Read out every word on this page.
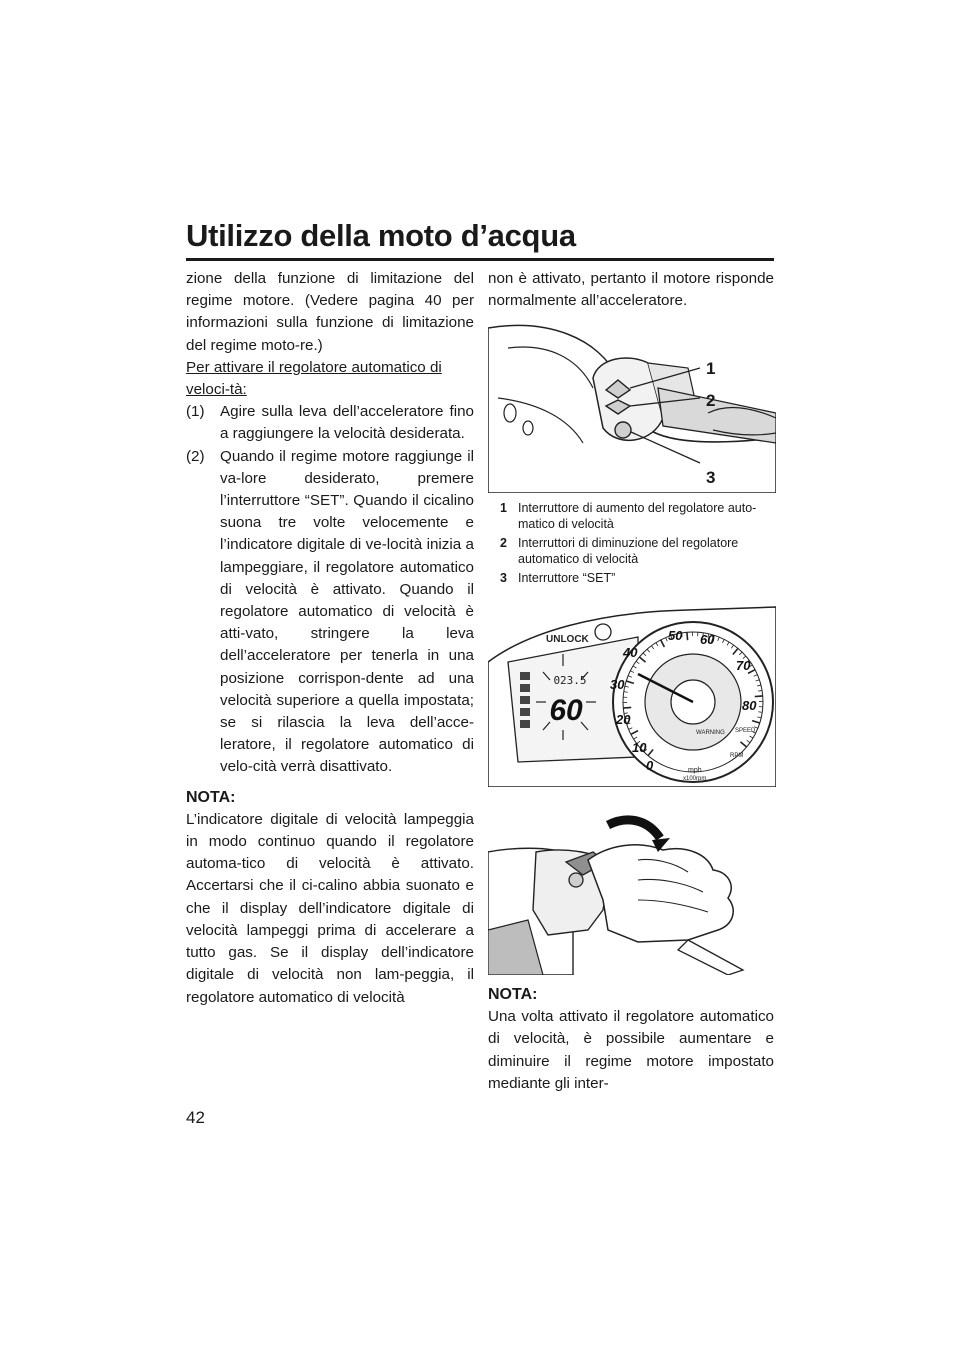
Utilizzo della moto d’acqua

zione della funzione di limitazione del regime motore. (Vedere pagina 40 per informazioni sulla funzione di limitazione del regime moto-re.)

Per attivare il regolatore automatico di veloci-tà:

(1) Agire sulla leva dell’acceleratore fino a raggiungere la velocità desiderata.
(2) Quando il regime motore raggiunge il va-lore desiderato, premere l’interruttore “SET”. Quando il cicalino suona tre volte velocemente e l’indicatore digitale di ve-locità inizia a lampeggiare, il regolatore automatico di velocità è attivato. Quando il regolatore automatico di velocità è atti-vato, stringere la leva dell’acceleratore per tenerla in una posizione corrispon-dente ad una velocità superiore a quella impostata; se si rilascia la leva dell’acce-leratore, il regolatore automatico di velo-cità verrà disattivato.
NOTA:

L’indicatore digitale di velocità lampeggia in modo continuo quando il regolatore automa-tico di velocità è attivato. Accertarsi che il ci-calino abbia suonato e che il display dell’indicatore digitale di velocità lampeggi prima di accelerare a tutto gas. Se il display dell’indicatore digitale di velocità non lam-peggia, il regolatore automatico di velocità

non è attivato, pertanto il motore risponde normalmente all’acceleratore.

1
2
3
1 Interruttore di aumento del regolatore auto-matico di velocità
2 Interruttori di diminuzione del regolatore automatico di velocità
3 Interruttore “SET”
UNLOCK
023.5
60
0
10
20
30
40
50 60
70
80
WARNING SPEED
RPM
mph
x100rpm
NOTA:

Una volta attivato il regolatore automatico di velocità, è possibile aumentare e diminuire il regime motore impostato mediante gli inter-

42
